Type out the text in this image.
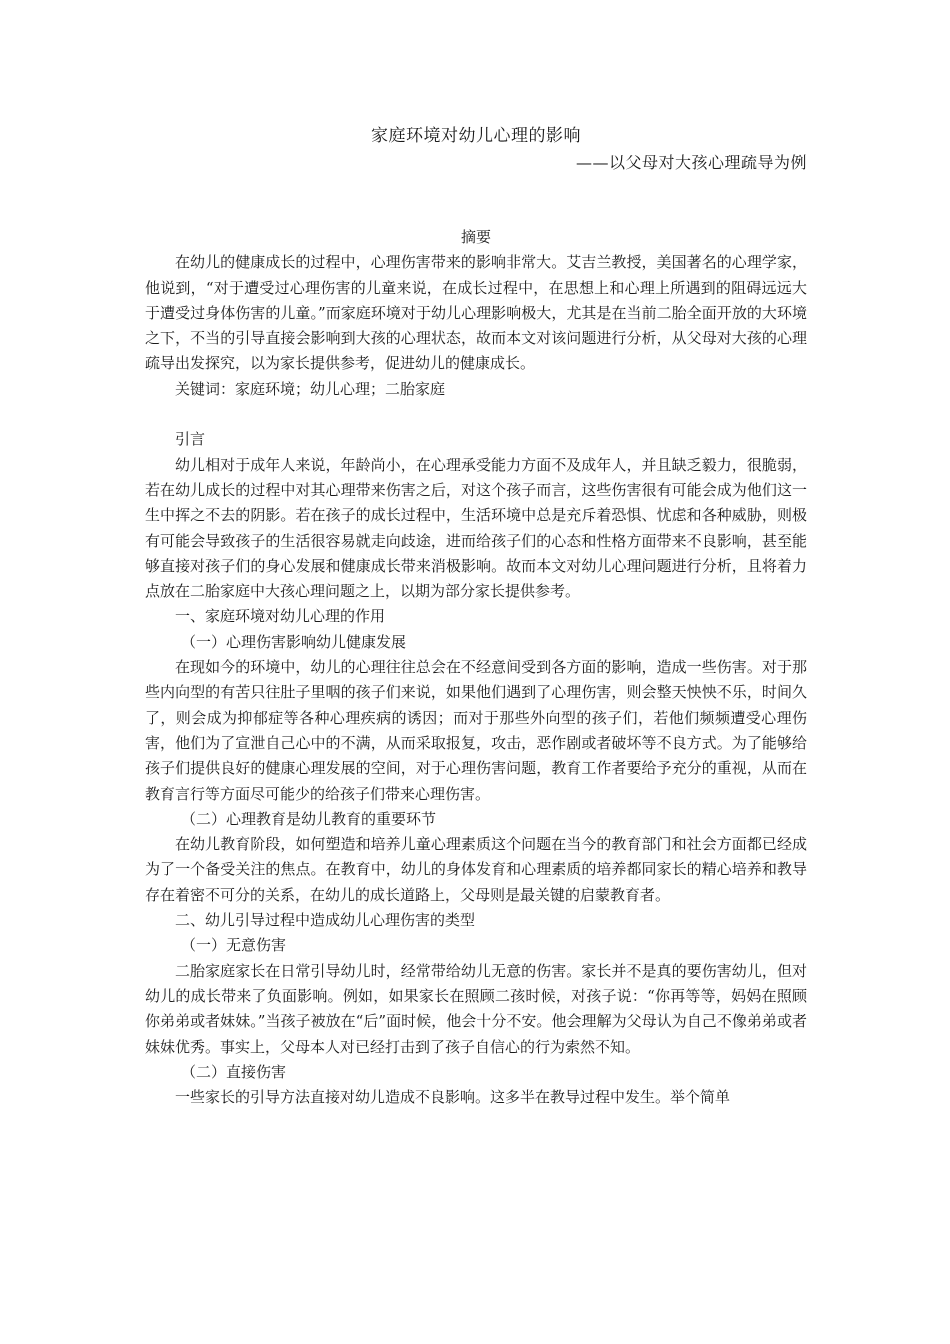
家庭环境对幼儿心理的影响
——以父母对大孩心理疏导为例

摘要

在幼儿的健康成长的过程中，心理伤害带来的影响非常大。艾吉兰教授，美国著名的心理学家，他说到，“对于遭受过心理伤害的儿童来说，在成长过程中，在思想上和心理上所遇到的阻碍远远大于遭受过身体伤害的儿童。”而家庭环境对于幼儿心理影响极大，尤其是在当前二胎全面开放的大环境之下，不当的引导直接会影响到大孩的心理状态，故而本文对该问题进行分析，从父母对大孩的心理疏导出发探究，以为家长提供参考，促进幼儿的健康成长。

关键词：家庭环境；幼儿心理；二胎家庭

引言

幼儿相对于成年人来说，年龄尚小，在心理承受能力方面不及成年人，并且缺乏毅力，很脆弱，若在幼儿成长的过程中对其心理带来伤害之后，对这个孩子而言，这些伤害很有可能会成为他们这一生中挥之不去的阴影。若在孩子的成长过程中，生活环境中总是充斥着恐惧、忧虑和各种威胁，则极有可能会导致孩子的生活很容易就走向歧途，进而给孩子们的心态和性格方面带来不良影响，甚至能够直接对孩子们的身心发展和健康成长带来消极影响。故而本文对幼儿心理问题进行分析，且将着力点放在二胎家庭中大孩心理问题之上，以期为部分家长提供参考。

一、家庭环境对幼儿心理的作用

（一）心理伤害影响幼儿健康发展

在现如今的环境中，幼儿的心理往往总会在不经意间受到各方面的影响，造成一些伤害。对于那些内向型的有苦只往肚子里咽的孩子们来说，如果他们遇到了心理伤害，则会整天怏怏不乐，时间久了，则会成为抑郁症等各种心理疾病的诱因；而对于那些外向型的孩子们，若他们频频遭受心理伤害，他们为了宣泄自己心中的不满，从而采取报复，攻击，恶作剧或者破坏等不良方式。为了能够给孩子们提供良好的健康心理发展的空间，对于心理伤害问题，教育工作者要给予充分的重视，从而在教育言行等方面尽可能少的给孩子们带来心理伤害。

（二）心理教育是幼儿教育的重要环节

在幼儿教育阶段，如何塑造和培养儿童心理素质这个问题在当今的教育部门和社会方面都已经成为了一个备受关注的焦点。在教育中，幼儿的身体发育和心理素质的培养都同家长的精心培养和教导存在着密不可分的关系，在幼儿的成长道路上，父母则是最关键的启蒙教育者。

二、幼儿引导过程中造成幼儿心理伤害的类型

（一）无意伤害

二胎家庭家长在日常引导幼儿时，经常带给幼儿无意的伤害。家长并不是真的要伤害幼儿，但对幼儿的成长带来了负面影响。例如，如果家长在照顾二孩时候，对孩子说：“你再等等，妈妈在照顾你弟弟或者妹妹。”当孩子被放在“后”面时候，他会十分不安。他会理解为父母认为自己不像弟弟或者妹妹优秀。事实上，父母本人对已经打击到了孩子自信心的行为索然不知。

（二）直接伤害

一些家长的引导方法直接对幼儿造成不良影响。这多半在教导过程中发生。举个简单
